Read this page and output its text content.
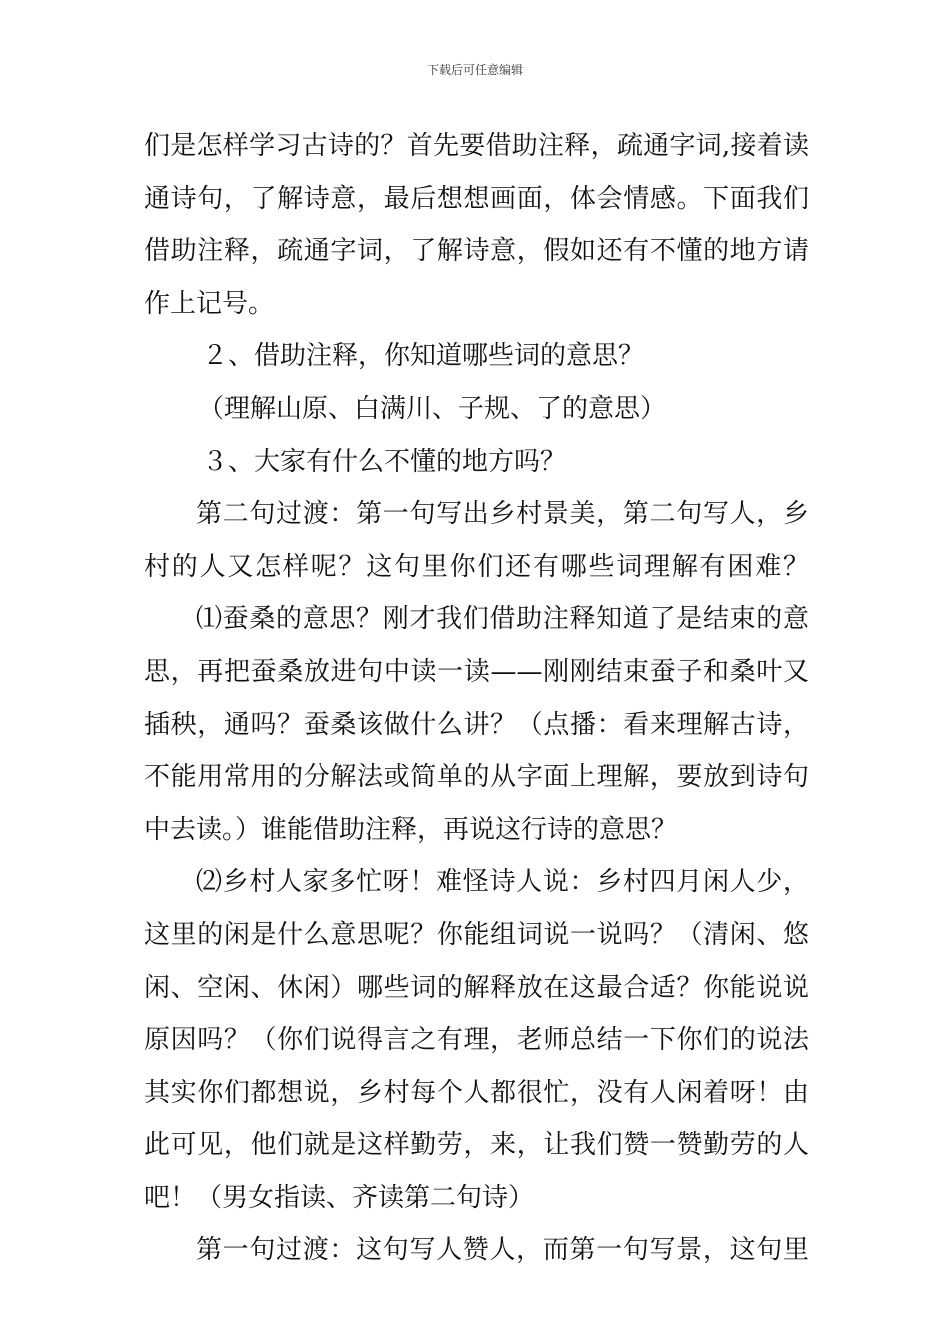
下载后可任意编辑
们是怎样学习古诗的？首先要借助注释，疏通字词,接着读
通诗句，了解诗意，最后想想画面，体会情感。下面我们
借助注释，疏通字词，了解诗意，假如还有不懂的地方请
作上记号。
２、借助注释，你知道哪些词的意思？
（理解山原、白满川、子规、了的意思）
３、大家有什么不懂的地方吗？
第二句过渡：第一句写出乡村景美，第二句写人，乡
村的人又怎样呢？这句里你们还有哪些词理解有困难？
⑴蚕桑的意思？刚才我们借助注释知道了是结束的意
思，再把蚕桑放进句中读一读——刚刚结束蚕子和桑叶又
插秧，通吗？蚕桑该做什么讲？（点播：看来理解古诗，
不能用常用的分解法或简单的从字面上理解，要放到诗句
中去读。）谁能借助注释，再说这行诗的意思？
⑵乡村人家多忙呀！难怪诗人说：乡村四月闲人少，
这里的闲是什么意思呢？你能组词说一说吗？（清闲、悠
闲、空闲、休闲）哪些词的解释放在这最合适？你能说说
原因吗？（你们说得言之有理，老师总结一下你们的说法
其实你们都想说，乡村每个人都很忙，没有人闲着呀！由
此可见，他们就是这样勤劳，来，让我们赞一赞勤劳的人
吧！（男女指读、齐读第二句诗）
第一句过渡：这句写人赞人，而第一句写景，这句里
